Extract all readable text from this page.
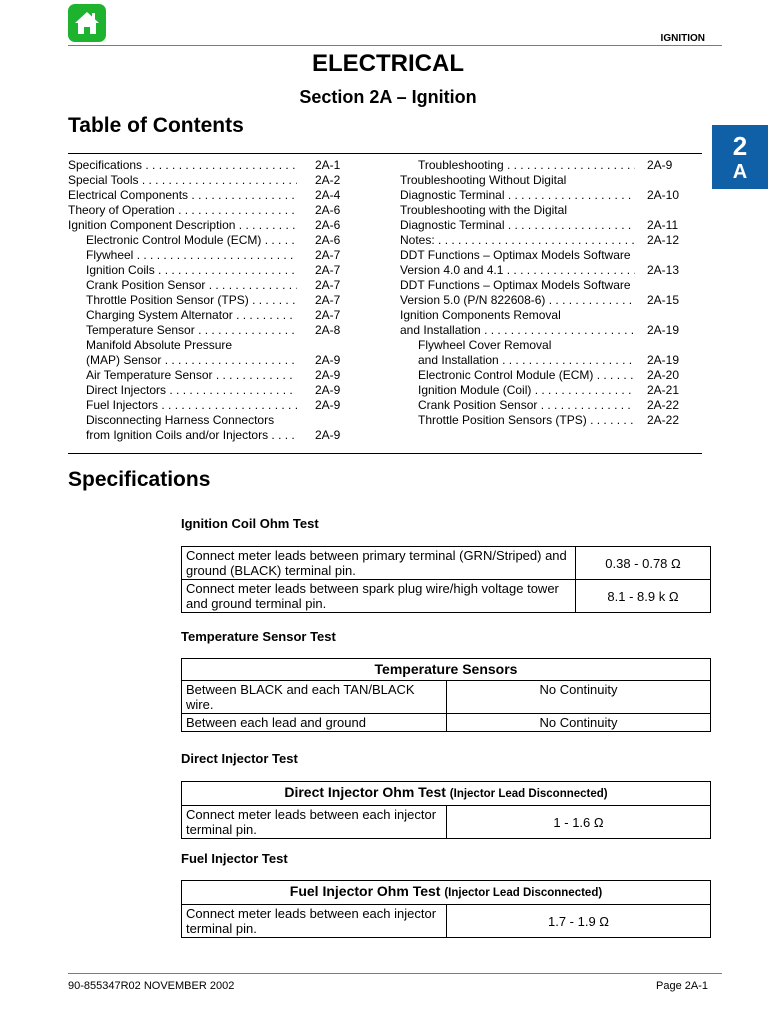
IGNITION
ELECTRICAL
Section 2A – Ignition
2
A
Table of Contents
Specifications . . .	2A-1
Special Tools . . .	2A-2
Electrical Components . . .	2A-4
Theory of Operation . . .	2A-6
Ignition Component Description . . .	2A-6
Electronic Control Module (ECM) . . .	2A-6
Flywheel . . .	2A-7
Ignition Coils . . .	2A-7
Crank Position Sensor . . .	2A-7
Throttle Position Sensor (TPS) . . .	2A-7
Charging System Alternator . . .	2A-7
Temperature Sensor . . .	2A-8
Manifold Absolute Pressure
(MAP) Sensor . . .	2A-9
Air Temperature Sensor . . .	2A-9
Direct Injectors . . .	2A-9
Fuel Injectors . . .	2A-9
Disconnecting Harness Connectors
from Ignition Coils and/or Injectors . . .	2A-9
Troubleshooting . . .	2A-9
Troubleshooting Without Digital
Diagnostic Terminal . . .	2A-10
Troubleshooting with the Digital
Diagnostic Terminal . . .	2A-11
Notes: . . .	2A-12
DDT Functions – Optimax Models Software
Version 4.0 and 4.1 . . .	2A-13
DDT Functions – Optimax Models Software
Version 5.0 (P/N 822608-6) . . .	2A-15
Ignition Components Removal
and Installation . . .	2A-19
Flywheel Cover Removal
and Installation . . .	2A-19
Electronic Control Module (ECM) . . .	2A-20
Ignition Module (Coil) . . .	2A-21
Crank Position Sensor . . .	2A-22
Throttle Position Sensors (TPS) . . .	2A-22
Specifications
Ignition Coil Ohm Test
Connect meter leads between primary terminal (GRN/Striped) and ground (BLACK) terminal pin.	0.38 - 0.78 Ω
Connect meter leads between spark plug wire/high voltage tower and ground terminal pin.	8.1 - 8.9 k Ω
Temperature Sensor Test
Temperature Sensors	
Between BLACK and each TAN/BLACK wire.	No Continuity
Between each lead and ground	No Continuity
Direct Injector Test
Direct Injector Ohm Test (Injector Lead Disconnected)
Connect meter leads between each injector terminal pin.	1 - 1.6 Ω
Fuel Injector Test
Fuel Injector Ohm Test (Injector Lead Disconnected)
Connect meter leads between each injector terminal pin.	1.7 - 1.9 Ω
90-855347R02 NOVEMBER 2002	Page 2A-1
